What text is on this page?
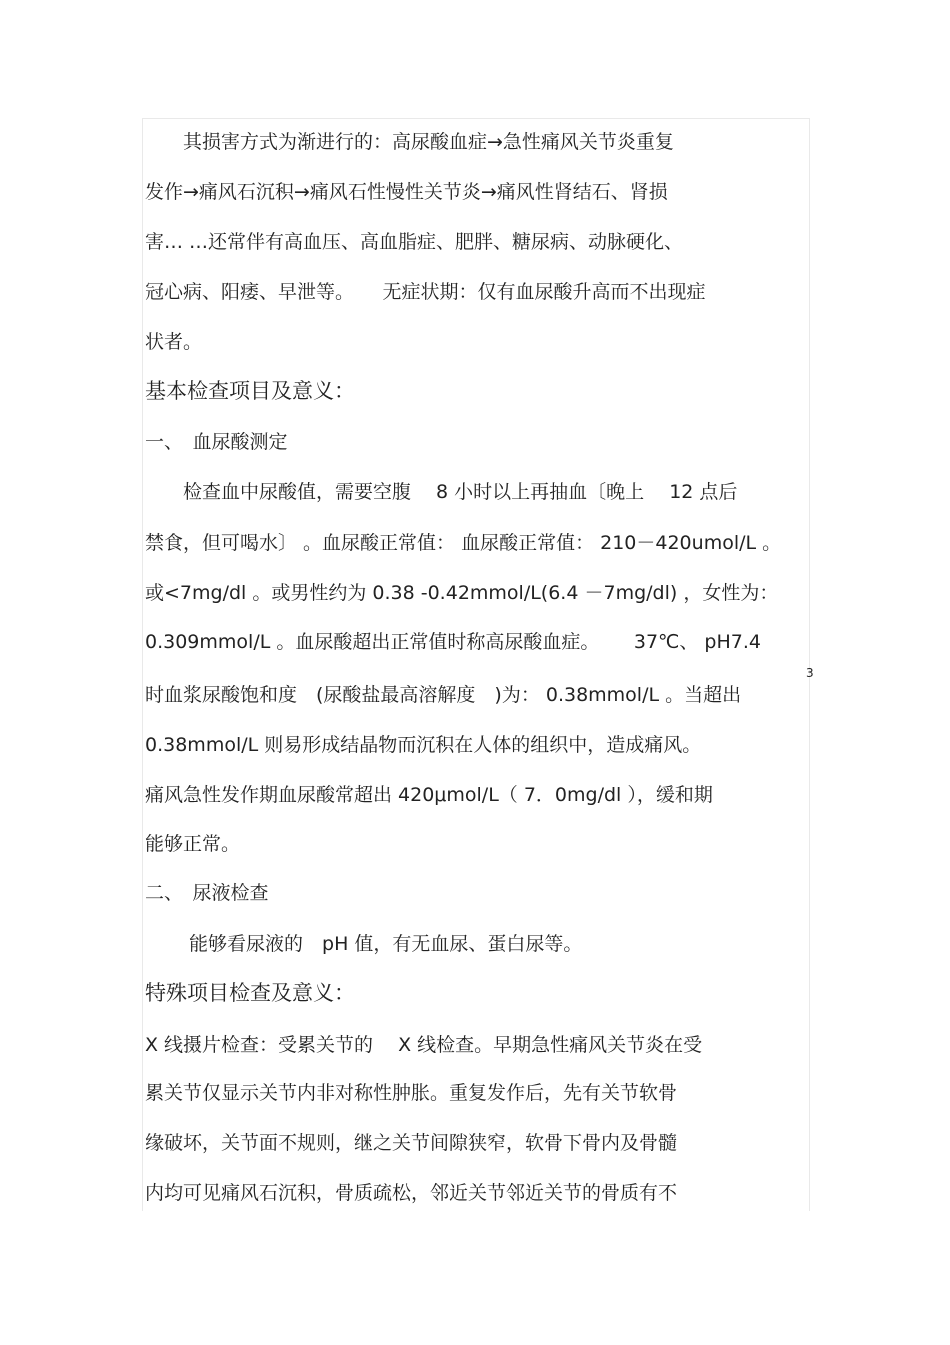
　　其损害方式为渐进行的：高尿酸血症→急性痛风关节炎重复
发作→痛风石沉积→痛风石性慢性关节炎→痛风性肾结石、肾损
害… …还常伴有高血压、高血脂症、肥胖、糖尿病、动脉硬化、
冠心病、阳痿、早泄等。　　无症状期：仅有血尿酸升高而不出现症
状者。
基本检查项目及意义：
一、　血尿酸测定
　　检查血中尿酸值，需要空腹　 8 小时以上再抽血〔晚上　 12 点后
禁食，但可喝水〕 。血尿酸正常值： 血尿酸正常值： 210－420umol/L 。
或<7mg/dl 。或男性约为 0.38 -0.42mmol/L(6.4 －7mg/dl) ，女性为：
0.309mmol/L 。血尿酸超出正常值时称高尿酸血症。　　 37℃、 pH7.4
3
时血浆尿酸饱和度　(尿酸盐最高溶解度　)为： 0.38mmol/L 。当超出
0.38mmol/L 则易形成结晶物而沉积在人体的组织中，造成痛风。
痛风急性发作期血尿酸常超出 420μmol/L（ 7．0mg/dl ），缓和期
能够正常。
二、　尿液检查
　　 能够看尿液的　pH 值，有无血尿、蛋白尿等。
特殊项目检查及意义：
X 线摄片检查：受累关节的　 X 线检查。早期急性痛风关节炎在受
累关节仅显示关节内非对称性肿胀。重复发作后，先有关节软骨
缘破坏，关节面不规则，继之关节间隙狭窄，软骨下骨内及骨髓
内均可见痛风石沉积，骨质疏松，邻近关节邻近关节的骨质有不
